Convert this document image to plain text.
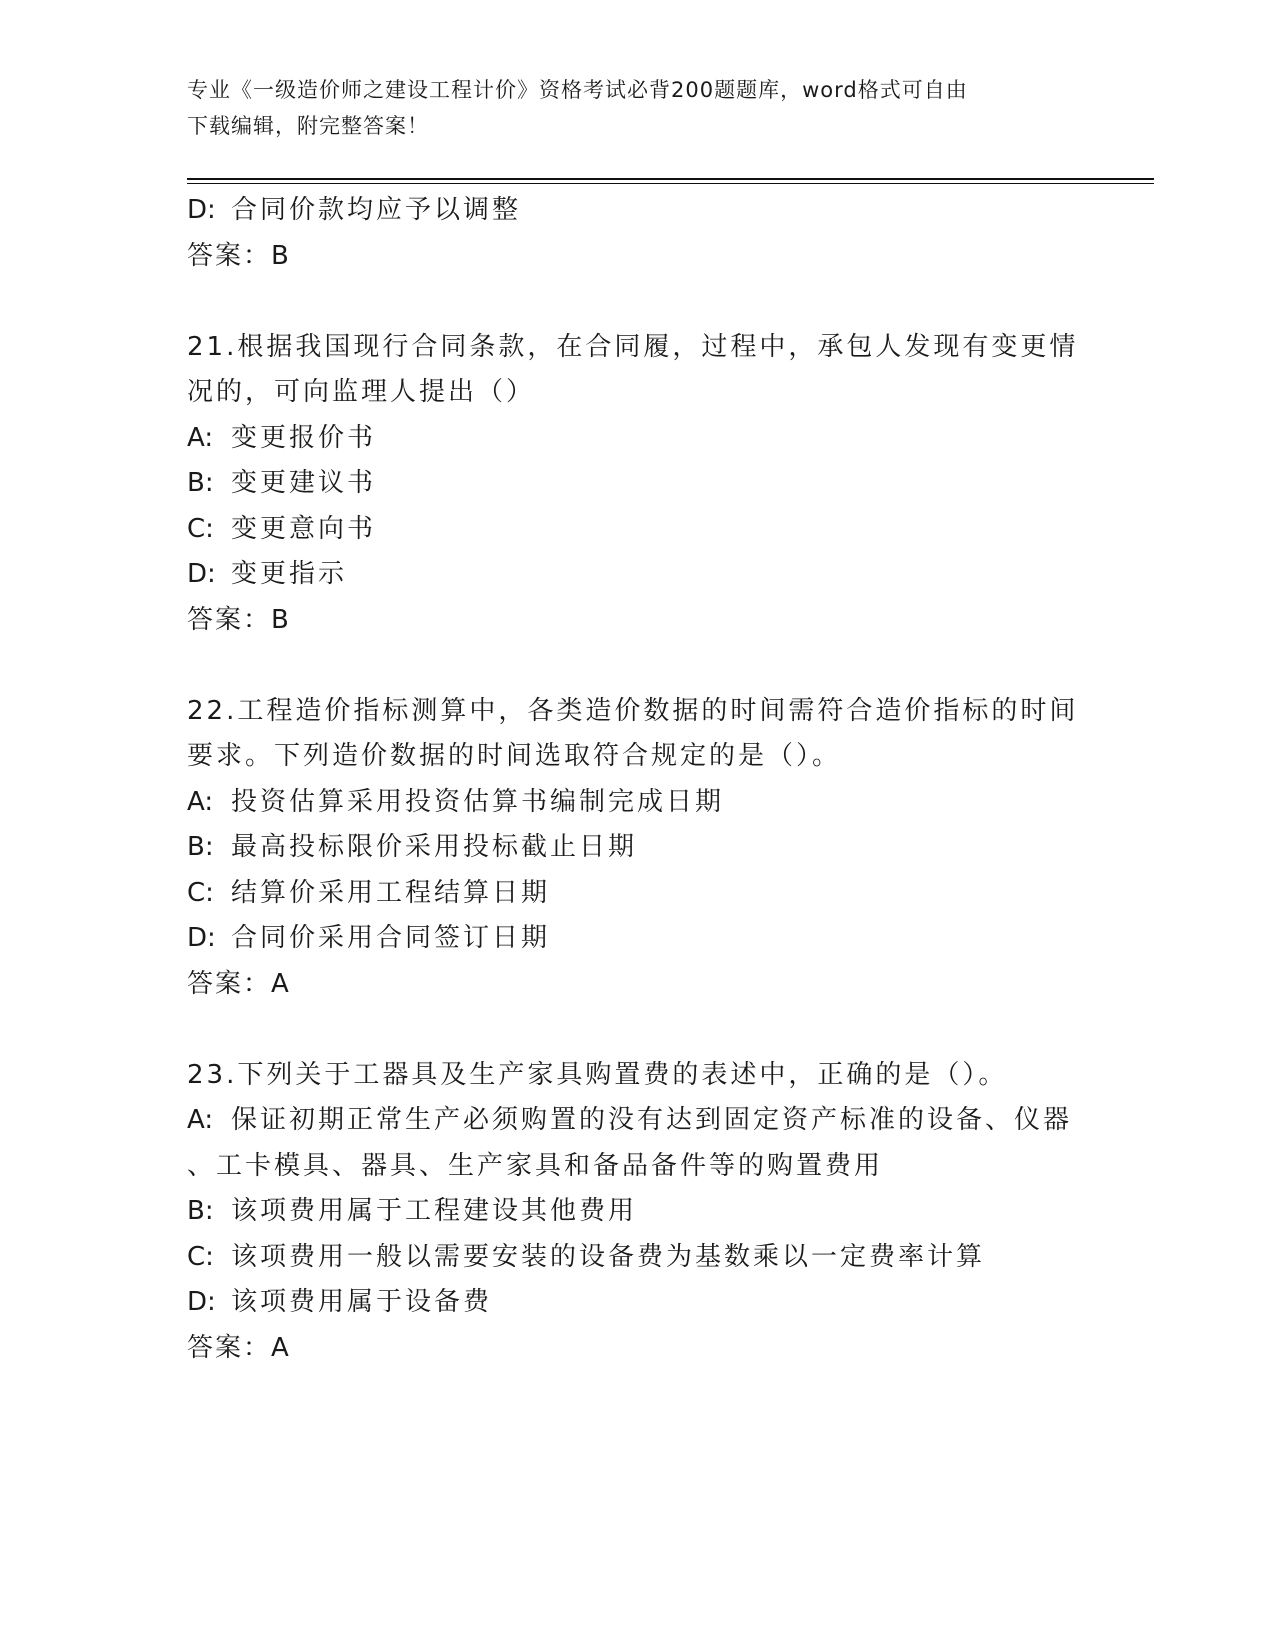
专业《一级造价师之建设工程计价》资格考试必背200题题库，word格式可自由
下载编辑，附完整答案！
D: 合同价款均应予以调整
答案：B
21.根据我国现行合同条款，在合同履，过程中，承包人发现有变更情
况的，可向监理人提出（）
A: 变更报价书
B: 变更建议书
C: 变更意向书
D: 变更指示
答案：B
22.工程造价指标测算中，各类造价数据的时间需符合造价指标的时间
要求。下列造价数据的时间选取符合规定的是（）。
A: 投资估算采用投资估算书编制完成日期
B: 最高投标限价采用投标截止日期
C: 结算价采用工程结算日期
D: 合同价采用合同签订日期
答案：A
23.下列关于工器具及生产家具购置费的表述中，正确的是（）。
A: 保证初期正常生产必须购置的没有达到固定资产标准的设备、仪器
、工卡模具、器具、生产家具和备品备件等的购置费用
B: 该项费用属于工程建设其他费用
C: 该项费用一般以需要安装的设备费为基数乘以一定费率计算
D: 该项费用属于设备费
答案：A
